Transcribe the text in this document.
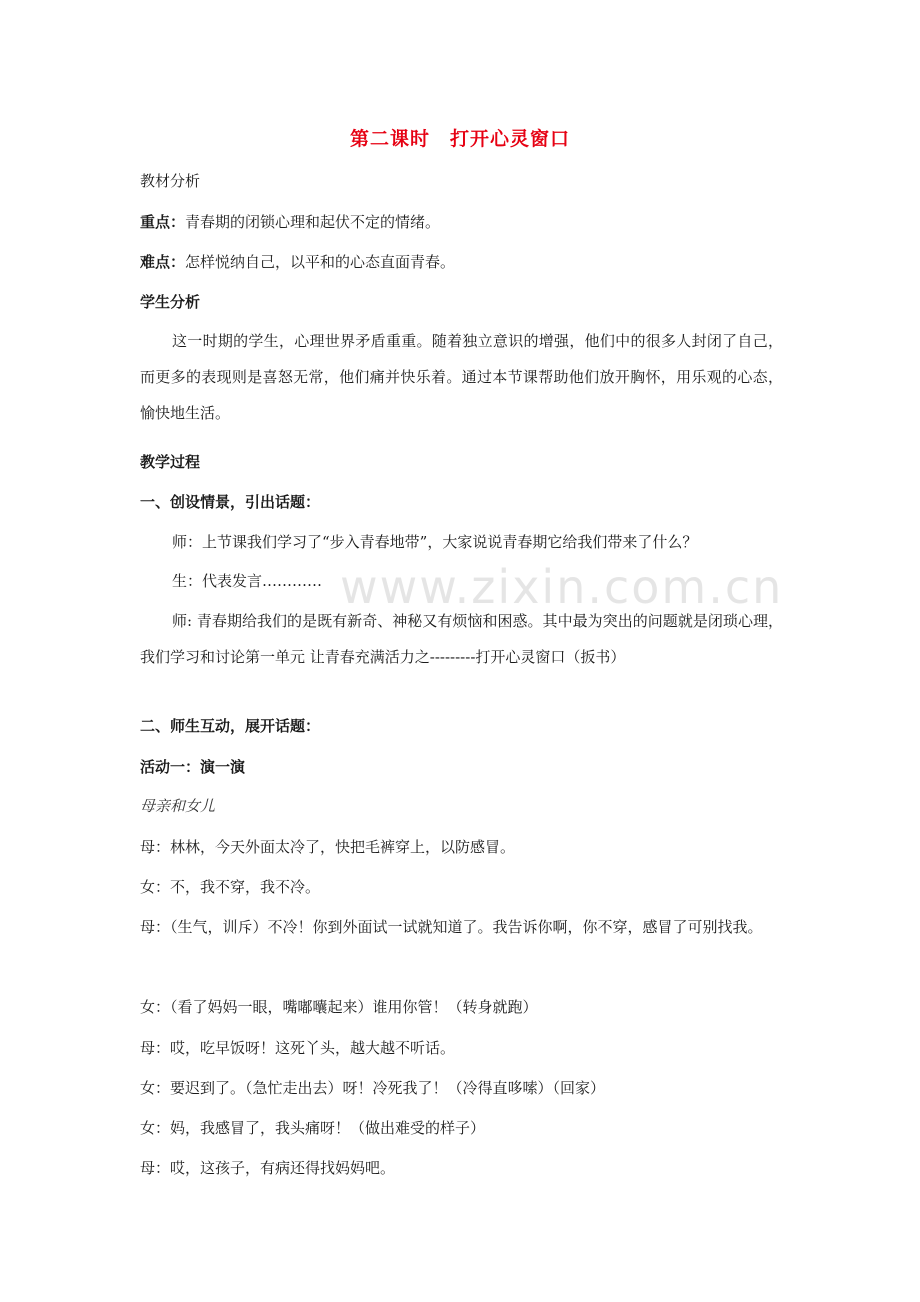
第二课时　打开心灵窗口
教材分析
重点：青春期的闭锁心理和起伏不定的情绪。
难点：怎样悦纳自己，以平和的心态直面青春。
学生分析
这一时期的学生，心理世界矛盾重重。随着独立意识的增强，他们中的很多人封闭了自己，而更多的表现则是喜怒无常，他们痛并快乐着。通过本节课帮助他们放开胸怀，用乐观的心态，愉快地生活。
教学过程
一、创设情景，引出话题：
师：上节课我们学习了“步入青春地带”，大家说说青春期它给我们带来了什么？
生：代表发言…………
师: 青春期给我们的是既有新奇、神秘又有烦恼和困惑。其中最为突出的问题就是闭琐心理，我们学习和讨论第一单元 让青春充满活力之---------打开心灵窗口（扳书）
二、师生互动，展开话题：
活动一：演一演
母亲和女儿
母：林林，今天外面太冷了，快把毛裤穿上，以防感冒。
女：不，我不穿，我不冷。
母：（生气，训斥）不冷！你到外面试一试就知道了。我告诉你啊，你不穿，感冒了可别找我。
女：（看了妈妈一眼，嘴嘟囔起来）谁用你管！（转身就跑）
母：哎，吃早饭呀！这死丫头，越大越不听话。
女：要迟到了。（急忙走出去）呀！冷死我了！（冷得直哆嗦）（回家）
女：妈，我感冒了，我头痛呀！（做出难受的样子）
母：哎，这孩子，有病还得找妈妈吧。
www.zixin.com.cn
